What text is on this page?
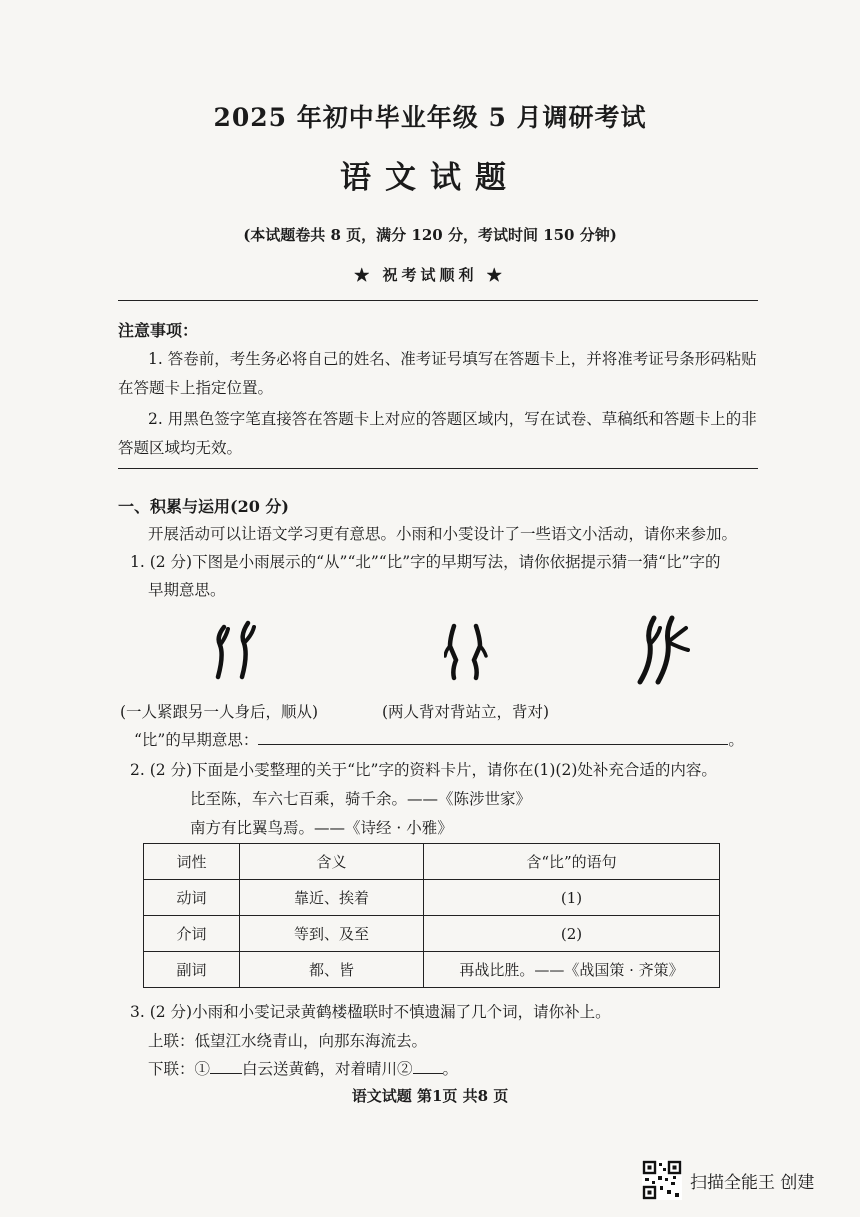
2025 年初中毕业年级 5 月调研考试
语文试题
(本试题卷共 8 页，满分 120 分，考试时间 150 分钟)
★ 祝考试顺利 ★
注意事项：
1. 答卷前，考生务必将自己的姓名、准考证号填写在答题卡上，并将准考证号条形码粘贴
在答题卡上指定位置。
2. 用黑色签字笔直接答在答题卡上对应的答题区域内，写在试卷、草稿纸和答题卡上的非
答题区域均无效。
一、积累与运用(20 分)
开展活动可以让语文学习更有意思。小雨和小雯设计了一些语文小活动，请你来参加。
1. (2 分)下图是小雨展示的“从”“北”“比”字的早期写法，请你依据提示猜一猜“比”字的
早期意思。
(一人紧跟另一人身后，顺从)	(两人背对背站立，背对)
“比”的早期意思：	。
2. (2 分)下面是小雯整理的关于“比”字的资料卡片，请你在(1)(2)处补充合适的内容。
比至陈，车六七百乘，骑千余。——《陈涉世家》
南方有比翼鸟焉。——《诗经 · 小雅》
词性	含义	含“比”的语句
动词	靠近、挨着	(1)
介词	等到、及至	(2)
副词	都、皆	再战比胜。——《战国策 · 齐策》
3. (2 分)小雨和小雯记录黄鹤楼楹联时不慎遗漏了几个词，请你补上。
上联：低望江水绕青山，向那东海流去。
下联：① 白云送黄鹤，对着晴川② 。
语文试题 第1页 共8 页
扫描全能王 创建
